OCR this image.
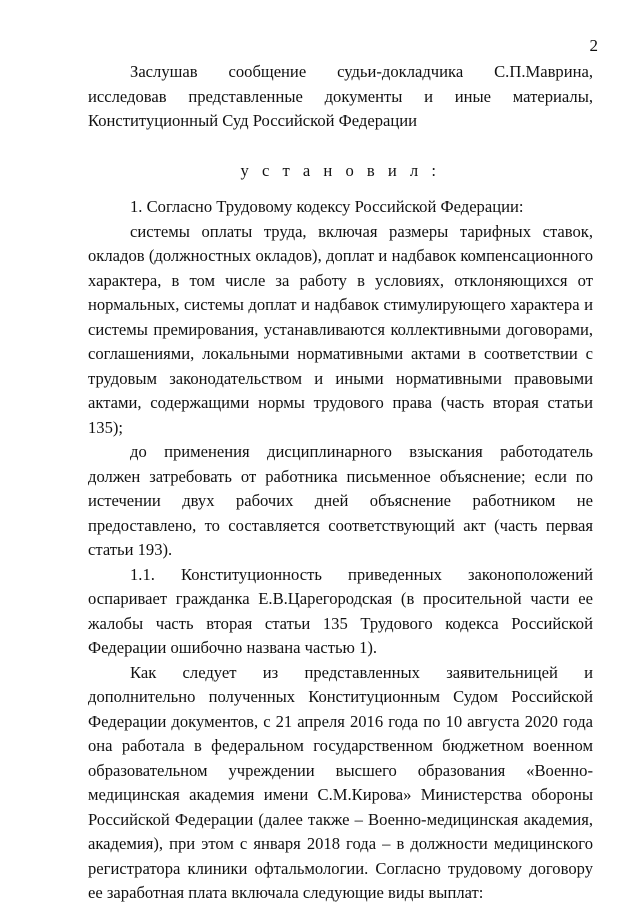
2

Заслушав сообщение судьи-докладчика С.П.Маврина, исследовав представленные документы и иные материалы, Конституционный Суд Российской Федерации

у с т а н о в и л :

1. Согласно Трудовому кодексу Российской Федерации:

системы оплаты труда, включая размеры тарифных ставок, окладов (должностных окладов), доплат и надбавок компенсационного характера, в том числе за работу в условиях, отклоняющихся от нормальных, системы доплат и надбавок стимулирующего характера и системы премирования, устанавливаются коллективными договорами, соглашениями, локальными нормативными актами в соответствии с трудовым законодательством и иными нормативными правовыми актами, содержащими нормы трудового права (часть вторая статьи 135);

до применения дисциплинарного взыскания работодатель должен затребовать от работника письменное объяснение; если по истечении двух рабочих дней объяснение работником не предоставлено, то составляется соответствующий акт (часть первая статьи 193).

1.1. Конституционность приведенных законоположений оспаривает гражданка Е.В.Царегородская (в просительной части ее жалобы часть вторая статьи 135 Трудового кодекса Российской Федерации ошибочно названа частью 1).

Как следует из представленных заявительницей и дополнительно полученных Конституционным Судом Российской Федерации документов, с 21 апреля 2016 года по 10 августа 2020 года она работала в федеральном государственном бюджетном военном образовательном учреждении высшего образования «Военно-медицинская академия имени С.М.Кирова» Министерства обороны Российской Федерации (далее также – Военно-медицинская академия, академия), при этом с января 2018 года – в должности медицинского регистратора клиники офтальмологии. Согласно трудовому договору ее заработная плата включала следующие виды выплат:
